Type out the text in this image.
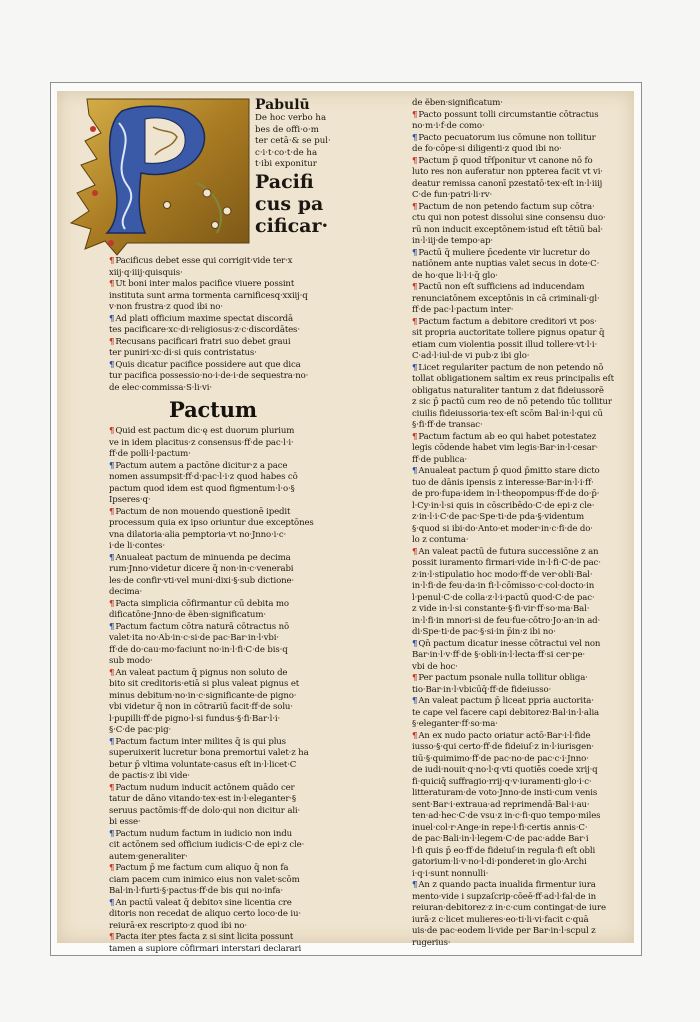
Pabulū
De hoc verbo ha
bes de offi·o·m
ter cetā·& se pul·
c·i·t·co·t·de ha
t·ibi exponitur
Pacifi
cus pa
cificar·
¶Pacificus debet esse qui corrigit·vide ter·x
xiij·q·iiij·quisquis·
¶Ut boni inter malos pacifice viuere possint
instituta sunt arma tormenta carnificesq·xxiij·q
v·non frustra·z quod ibi no·
¶Ad plati officium maxime spectat discordā
tes pacificare·xc·di·religiosus·z·c·discordātes·
¶Recusans pacificari fratri suo debet graui
ter puniri·xc·di·si quis contristatus·
¶Quis dicatur pacifice possidere aut que dica
tur pacifica possessio·no·i·de·i·de sequestra·no·
de elec·commissa·S·li·vi·
Pactum
¶Quid est pactum dic·ę est duorum plurium
ve in idem placitus·z consensus·ff·de pac·l·i·
ff·de polli·l·pactum·
¶Pactum autem a pactōne dicitur·z a pace
nomen assumpsit·ff·d·pac·l·i·z quod habes cō
pactum quod idem est quod figmentum·l·o·§
Ipseres·q·
¶Pactum de non mouendo questionē ipedit
processum quia ex ipso oriuntur due exceptōnes
vna dilatoria·alia pemptoria·vt no·Jnno·i·c·
i·de li·contes·
¶Anualeat pactum de minuenda pe decima
rum·Jnno·videtur dicere q̄ non·in·c·venerabi
les·de confir·vti·vel muni·dixi·§·sub dictione·
decima·
¶Pacta simplicia cōfirmantur cū debita mo
dificatōne·Jnno·de ẽben·significatum·
¶Pactum factum cōtra naturā cōtractus nō
valet·ita no·Ab·in·c·si·de pac·Bar·in·l·vbi·
ff·de do·cau·mo·faciunt no·in·l·fi·C·de bis·q
sub modo·
¶An valeat pactum q̄ pignus non soluto de
bito sit creditoris·etiā si plus valeat pignus et
minus debitum·no·in·c·significante·de pigno·
vbi videtur q̄ non in cōtrariū facit·ff·de solu·
l·pupilli·ff·de pigno·l·si fundus·§·fi·Bar·l·i·
§·C·de pac·pig·
¶Pactum factum inter milites q̄ is qui plus
superuixerit lucretur bona premortui valet·z ha
betur p̄ vltima voluntate·casus eſt in·l·licet·C
de pactis·z ibi vide·
¶Pactum nudum inducit actōnem quādo cer
tatur de dāno vitando·tex·est in·l·eleganter·§
seruus pactōmis·ff·de dolo·qui non dicitur ali·
bi esse·
¶Pactum nudum factum in iudicio non indu
cit actōnem sed officium iudicis·C·de epi·z cle·
autem·generaliter·
¶Pactum p̄ me factum cum aliquo q̄ non fa
ciam pacem cum inimico eius non valet·scōm
Bal·in·l·furti·§·pactus·ff·de bis qui no·infa·
¶An pactū valeat q̄ debitoꝛ sine licentia cre
ditoris non recedat de aliquo certo loco·de iu·
reiurā·ex rescripto·z quod ibi no·
¶Pacta iter ptes facta z si sint licita possunt
tamen a supiore cōfirmari interstari declarari
de ẽben·significatum·
¶Pacto possunt tolli circumstantie cōtractus
no·m·i·f·de como·
¶Pacto pecuatorum ius cōmune non tollitur
de fo·cōpe·si diligenti·z quod ibi no·
¶Pactum p̄ quod tr̄ſponitur vt canone nō fo
luto res non auferatur non ppterea facit vt vi·
deatur remissa canonī pzestatō·tex·eſt in·l·iiij
C·de fun·patri·li·rv·
¶Pactum de non petendo factum sup cōtra·
ctu qui non potest dissolui sine consensu duo·
rū non inducit exceptōnem·istud eſt tētiū bal·
in·l·iij·de tempo·ap·
¶Pactū q̄ muliere p̄cedente vir lucretur do
natiōnem ante nuptias valet secus in dote·C·
de ho·que li·l·i·q̄ glo·
¶Pactū non eſt sufficiens ad inducendam
renunciatōnem exceptōnis in cā criminali·gl·
ff·de pac·l·pactum inter·
¶Pactum factum a debitore creditori vt pos·
sit propria auctoritate tollere pignus opatur q̄
etiam cum violentia possit illud tollere·vt·l·i·
C·ad·l·iul·de vi pub·z ibi glo·
¶Licet regulariter pactum de non petendo nō
tollat obligationem saltim ex reus principalis eſt
obligatus naturaliter tantum z dat fideiussorē
z sic p̄ pactū cum reo de nō petendo tūc tollitur
ciuilis fideiussoria·tex·eſt scōm Bal·in·l·qui cū
§·fi·ff·de transac·
¶Pactum factum ab eo qui habet potestatez
legis cōdende habet vim legis·Bar·in·l·cesar·
ff·de publica·
¶Anualeat pactum p̄ quod p̄mitto stare dicto
tuo de dānis ipensis z interesse·Bar·in·l·i·ff·
de pro·fupa·idem in·l·theopompus·ff·de do·p̄·
l·Cy·in·l·si quis in cōscribēdo·C·de epi·z cle·
z·in·l·i·C·de pac·Spe·ti·de pda·§·videntum
§·quod si ibi·do·Anto·et moder·in·c·fi·de do·
lo z contuma·
¶An valeat pactū de futura successiōne z an
possit iuramento firmari·vide in·l·fi·C·de pac·
z·in·l·stipulatio hoc modo·ff·de ver·obli·Bal·
in·l·fi·de feu·da·in fi·l·cōmisso·c·col·docto·in
l·penul·C·de colla·z·l·i·pactū quod·C·de pac·
z vide in·l·si constante·§·fi·vir·ff·so·ma·Bal·
in·l·fi·in mnori·si de feu·fue·cōtro·Jo·an·in ad·
di·Spe·ti·de pac·§·si·in p̄in·z ibi no·
¶Qn̄ pactum dicatur inesse cōtractui vel non
Bar·in·l·v·ff·de §·obli·in·l·lecta·ff·si cer·pe·
vbi de hoc·
¶Per pactum psonale nulla tollitur obliga·
tio·Bar·in·l·vbicūq̄·ff·de fideiusso·
¶An valeat pactum p̄ liceat ppria auctorita·
te cape vel facere capi debitorez·Bal·in·l·alia
§·eleganter·ff·so·ma·
¶An ex nudo pacto oriatur actō·Bar·i·l·fide
iusso·§·qui certo·ff·de fideiuſ·z in·l·iurisgen·
tiū·§·quimimo·ff·de pac·no·de pac·c·i·Jnno·
de iudi·nouit·q·no·l·q·vti quotiēs coede xrij·q
fi·quiciq̄ suffragio·rrij·q·v·iuramenti·glo·i·c·
litteraturam·de voto·Jnno·de insti·cum venis
sent·Bar·i·extraua·ad reprimendā·Bal·i·au·
ten·ad·hec·C·de vsu·z in·c·fi·quo tempo·miles
inuel·col·r·Ange·in repe·l·fi·certis annis·C·
de pac·Bali·in·l·legem·C·de pac·adde Bar·i
l·fi quis p̄ eo·ff·de fideiuſ·in regula·fi eſt obli
gatorium·li·v·no·l·di·ponderet·in glo·Archi
i·q·i·sunt nonnulli·
¶An z quando pacta inualida firmentur iura
mento·vide i supzaſcrip·cōeē·ff·ad·l·fal·de in
reiuran·debitorez·z in·c·cum contingat·de iure
iurā·z c·licet mulieres·eo·ti·li·vi·facit c·quā
uis·de pac·eodem li·vide per Bar·in·l·scpul z
rugerius·
